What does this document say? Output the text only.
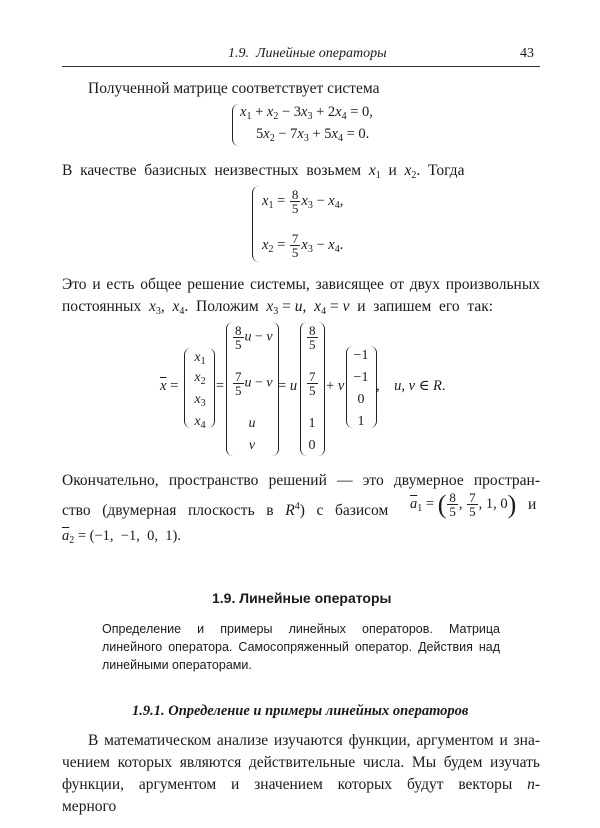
1.9.  Линейные операторы	43
Полученной матрице соответствует система
$x_1 + x_2 - 3x_3 + 2x_4 = 0$,
$5x_2 - 7x_3 + 5x_4 = 0$.
В  качестве  базисных  неизвестных  возьмем  $x_1$  и  $x_2$.  Тогда
$x_1 = \frac{8}{5} x_3 - x_4$,
$x_2 = \frac{7}{5} x_3 - x_4$.
Это и есть общее решение системы, зависящее от двух произвольных
постоянных  $x_3$,  $x_4$.  Положим  $x_3 = u$,  $x_4 = v$  и  запишем  его  так:
$\overline{x}$ =
$x_1$
$x_2$
$x_3$
$x_4$
=
$\frac{8}{5}$ u − v
$\frac{7}{5}$ u − v
u
v
= u
$\frac{8}{5}$
$\frac{7}{5}$
1
0
+ v
−1
−1
0
1
,    u, v ∈ R.
Окончательно, пространство решений — это двумерное простран-
ство   (двумерная   плоскость   в   $R^4$)   с   базисом	$\overline{a}_1$ = ( $\frac{8}{5}$ , $\frac{7}{5}$ , 1, 0) и
$\overline{a}_2 = (-1$,  −1,  0,  1).
1.9. Линейные операторы
Определение и примеры линейных операторов. Матрица линейного оператора. Самосопряженный оператор. Действия над линейными операторами.
1.9.1. Определение и примеры линейных операторов
В математическом анализе изучаются функции, аргументом и зна-
чением которых являются действительные числа. Мы будем изучать
функции,  аргументом  и  значением  которых  будут  векторы  n-мерного
